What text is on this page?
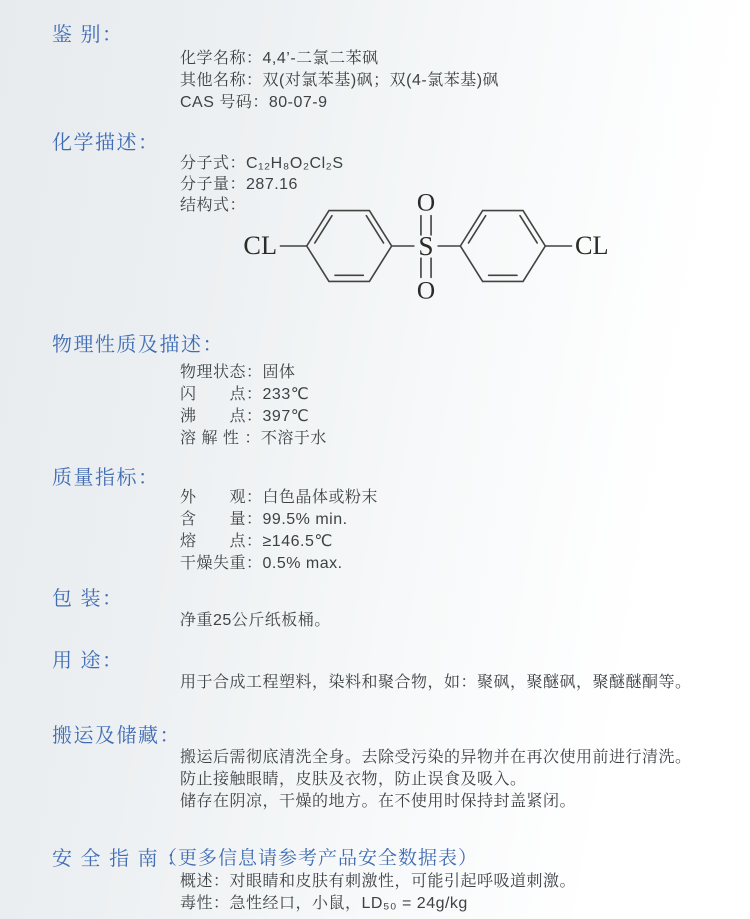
鉴 别：
化学名称：4,4’-二氯二苯砜
其他名称：双(对氯苯基)砜；双(4-氯苯基)砜
CAS 号码：80-07-9
化学描述：
分子式：C₁₂H₈O₂Cl₂S
分子量：287.16
结构式：
CL	S
O
O
CL
物理性质及描述：
物理状态：固体
闪　　点：233℃
沸　　点：397℃
溶 解 性 ：不溶于水
质量指标：
外　　观：白色晶体或粉末
含　　量：99.5% min.
熔　　点：≥146.5℃
干燥失重：0.5% max.
包 装：
净重25公斤纸板桶。
用 途：
用于合成工程塑料，染料和聚合物，如：聚砜，聚醚砜，聚醚醚酮等。
搬运及储藏：
搬运后需彻底清洗全身。去除受污染的异物并在再次使用前进行清洗。
防止接触眼睛，皮肤及衣物，防止误食及吸入。
储存在阴凉，干燥的地方。在不使用时保持封盖紧闭。
安 全 指 南 ：
（更多信息请参考产品安全数据表）
概述：对眼睛和皮肤有刺激性，可能引起呼吸道刺激。
毒性：急性经口，小鼠，LD₅₀ = 24g/kg
